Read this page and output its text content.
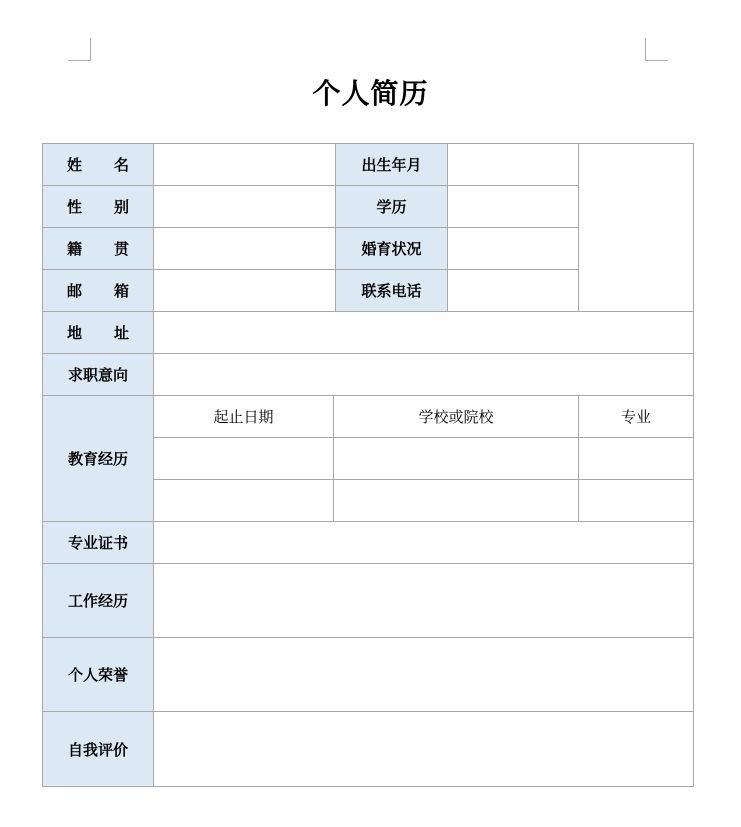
个人简历
姓 名			出生年月		
性 别			学历		
籍 贯			婚育状况		
邮 箱			联系电话		
地 址					
求职意向					
教育经历	起止日期	学校或院校			专业

专业证书					
工作经历					
个人荣誉					
自我评价					
